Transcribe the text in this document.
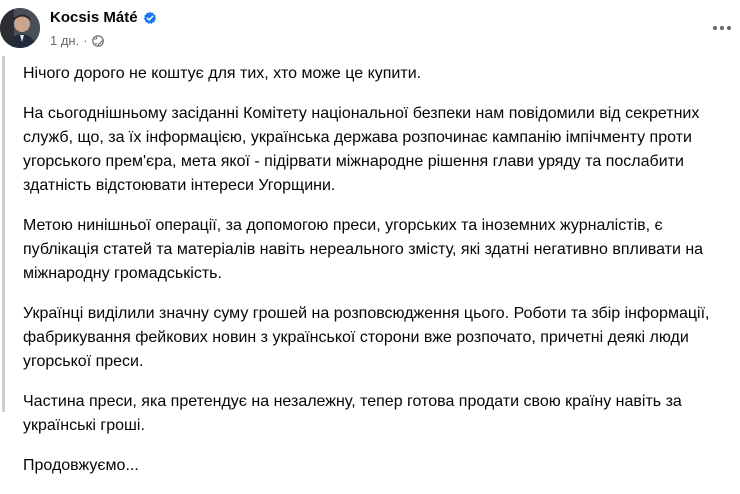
Kocsis Máté
1 дн. ·

Нічого дорого не коштує для тих, хто може це купити.

На сьогоднішньому засіданні Комітету національної безпеки нам повідомили від секретних служб, що, за їх інформацією, українська держава розпочинає кампанію імпічменту проти угорського прем'єра, мета якої - підірвати міжнародне рішення глави уряду та послабити здатність відстоювати інтереси Угорщини.

Метою нинішньої операції, за допомогою преси, угорських та іноземних журналістів, є публікація статей та матеріалів навіть нереального змісту, які здатні негативно впливати на міжнародну громадськість.

Українці виділили значну суму грошей на розповсюдження цього. Роботи та збір інформації, фабрикування фейкових новин з української сторони вже розпочато, причетні деякі люди угорської преси.

Частина преси, яка претендує на незалежну, тепер готова продати свою країну навіть за українські гроші.

Продовжуємо...
